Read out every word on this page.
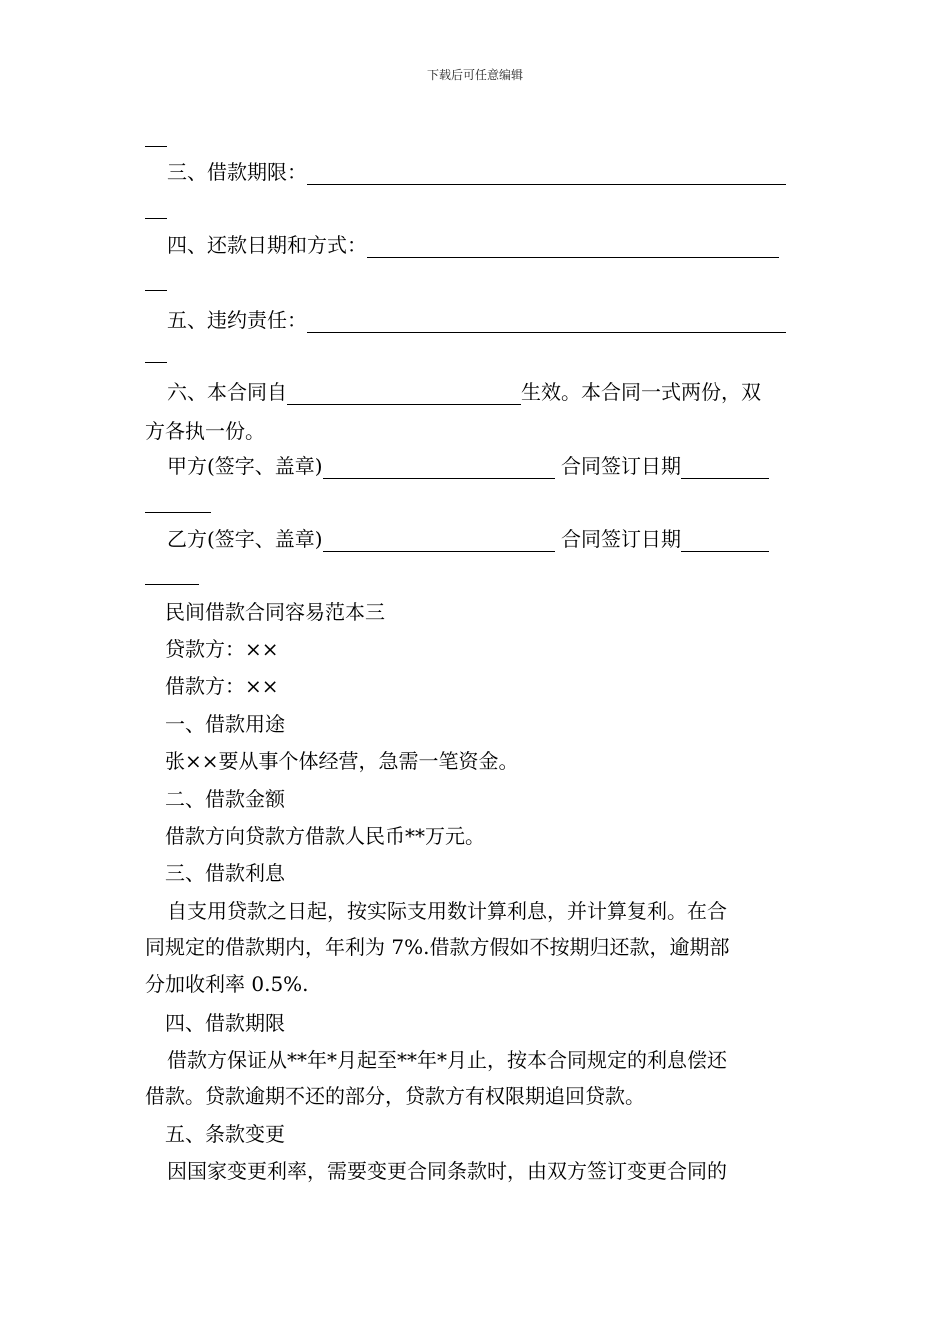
下载后可任意编辑
三、借款期限：
四、还款日期和方式：
五、违约责任：
六、本合同自	生效。本合同一式两份，双
方各执一份。
甲方(签字、盖章)	合同签订日期
乙方(签字、盖章)	合同签订日期
民间借款合同容易范本三
贷款方：××
借款方：××
一、借款用途
张××要从事个体经营，急需一笔资金。
二、借款金额
借款方向贷款方借款人民币**万元。
三、借款利息
自支用贷款之日起，按实际支用数计算利息，并计算复利。在合
同规定的借款期内，年利为 7%.借款方假如不按期归还款，逾期部
分加收利率 0.5%.
四、借款期限
借款方保证从**年*月起至**年*月止，按本合同规定的利息偿还
借款。贷款逾期不还的部分，贷款方有权限期追回贷款。
五、条款变更
因国家变更利率，需要变更合同条款时，由双方签订变更合同的
